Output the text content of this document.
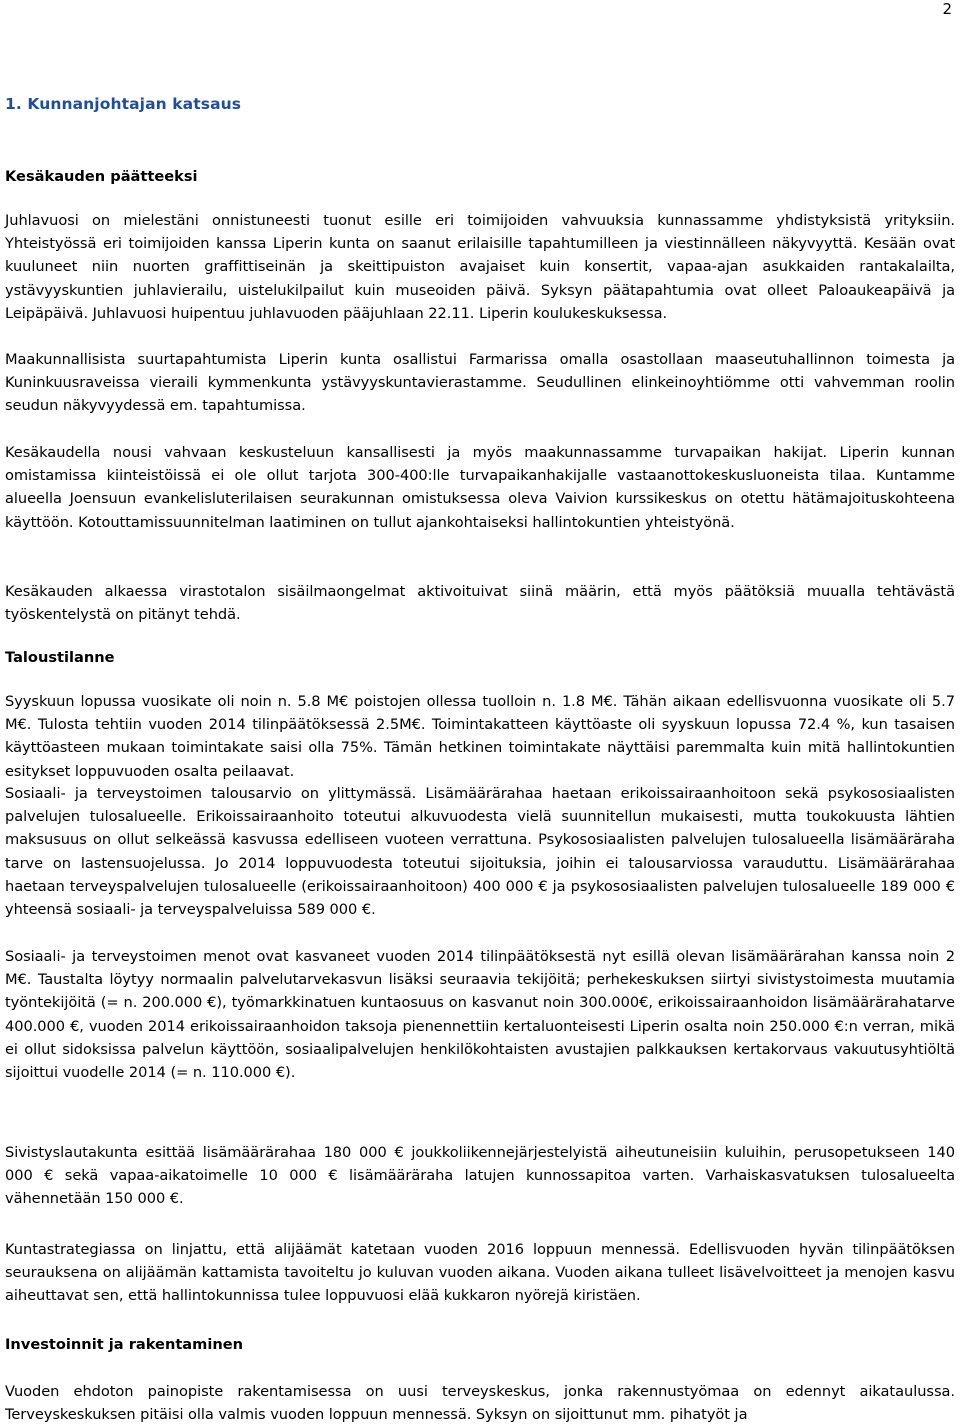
2
1. Kunnanjohtajan katsaus
Kesäkauden päätteeksi

Juhlavuosi on mielestäni onnistuneesti tuonut esille eri toimijoiden vahvuuksia kunnassamme yhdistyksistä yrityksiin. Yhteistyössä eri toimijoiden kanssa Liperin kunta on saanut erilaisille tapahtumilleen ja viestinnälleen näkyvyyttä. Kesään ovat kuuluneet niin nuorten graffittiseinän ja skeittipuiston avajaiset kuin konsertit, vapaa-ajan asukkaiden rantakalailta, ystävyyskuntien juhlavierailu, uistelukilpailut kuin museoiden päivä. Syksyn päätapahtumia ovat olleet Paloaukeapäivä ja Leipäpäivä. Juhlavuosi huipentuu juhlavuoden pääjuhlaan 22.11. Liperin koulukeskuksessa.

Maakunnallisista suurtapahtumista Liperin kunta osallistui Farmarissa omalla osastollaan maaseutuhallinnon toimesta ja Kuninkuusraveissa vieraili kymmenkunta ystävyyskuntavierastamme. Seudullinen elinkeinoyhtiömme otti vahvemman roolin seudun näkyvyydessä em. tapahtumissa.

Kesäkaudella nousi vahvaan keskusteluun kansallisesti ja myös maakunnassamme turvapaikan hakijat. Liperin kunnan omistamissa kiinteistöissä ei ole ollut tarjota 300-400:lle turvapaikanhakijalle vastaanottokeskusluoneista tilaa. Kuntamme alueella Joensuun evankelisluterilaisen seurakunnan omistuksessa oleva Vaivion kurssikeskus on otettu hätämajoituskohteena käyttöön. Kotouttamissuunnitelman laatiminen on tullut ajankohtaiseksi hallintokuntien yhteistyönä.

Kesäkauden alkaessa virastotalon sisäilmaongelmat aktivoituivat siinä määrin, että myös päätöksiä muualla tehtävästä työskentelystä on pitänyt tehdä.

Taloustilanne

Syyskuun lopussa vuosikate oli noin n. 5.8 M€ poistojen ollessa tuolloin n. 1.8 M€. Tähän aikaan edellisvuonna vuosikate oli 5.7 M€. Tulosta tehtiin vuoden 2014 tilinpäätöksessä 2.5M€. Toimintakatteen käyttöaste oli syyskuun lopussa 72.4 %, kun tasaisen käyttöasteen mukaan toimintakate saisi olla 75%. Tämän hetkinen toimintakate näyttäisi paremmalta kuin mitä hallintokuntien esitykset loppuvuoden osalta peilaavat.

Sosiaali- ja terveystoimen talousarvio on ylittymässä. Lisämäärärahaa haetaan erikoissairaanhoitoon sekä psykososiaalisten palvelujen tulosalueelle. Erikoissairaanhoito toteutui alkuvuodesta vielä suunnitellun mukaisesti, mutta toukokuusta lähtien maksusuus on ollut selkeässä kasvussa edelliseen vuoteen verrattuna. Psykososiaalisten palvelujen tulosalueella lisämääräraha tarve on lastensuojelussa. Jo 2014 loppuvuodesta toteutui sijoituksia, joihin ei talousarviossa varauduttu. Lisämäärärahaa haetaan terveyspalvelujen tulosalueelle (erikoissairaanhoitoon) 400 000 € ja psykososiaalisten palvelujen tulosalueelle 189 000 € yhteensä sosiaali- ja terveyspalveluissa 589 000 €.

Sosiaali- ja terveystoimen menot ovat kasvaneet vuoden 2014 tilinpäätöksestä nyt esillä olevan lisämäärärahan kanssa noin 2 M€. Taustalta löytyy normaalin palvelutarvekasvun lisäksi seuraavia tekijöitä; perhekeskuksen siirtyi sivistystoimesta muutamia työntekijöitä (= n. 200.000 €), työmarkkinatuen kuntaosuus on kasvanut noin 300.000€, erikoissairaanhoidon lisämäärärahatarve 400.000 €, vuoden 2014 erikoissairaanhoidon taksoja pienennettiin kertaluonteisesti Liperin osalta noin 250.000 €:n verran, mikä ei ollut sidoksissa palvelun käyttöön, sosiaalipalvelujen henkilökohtaisten avustajien palkkauksen kertakorvaus vakuutusyhtiöltä sijoittui vuodelle 2014 (= n. 110.000 €).

Sivistyslautakunta esittää lisämäärärahaa 180 000 € joukkoliikennejärjestelyistä aiheutuneisiin kuluihin, perusopetukseen 140 000 € sekä vapaa-aikatoimelle 10 000 € lisämääräraha latujen kunnossapitoa varten. Varhaiskasvatuksen tulosalueelta vähennetään 150 000 €.

Kuntastrategiassa on linjattu, että alijäämät katetaan vuoden 2016 loppuun mennessä. Edellisvuoden hyvän tilinpäätöksen seurauksena on alijäämän kattamista tavoiteltu jo kuluvan vuoden aikana. Vuoden aikana tulleet lisävelvoitteet ja menojen kasvu aiheuttavat sen, että hallintokunnissa tulee loppuvuosi elää kukkaron nyörejä kiristäen.

Investoinnit ja rakentaminen

Vuoden ehdoton painopiste rakentamisessa on uusi terveyskeskus, jonka rakennustyömaa on edennyt aikataulussa. Terveyskeskuksen pitäisi olla valmis vuoden loppuun mennessä. Syksyn on sijoittunut mm. pihatyöt ja
